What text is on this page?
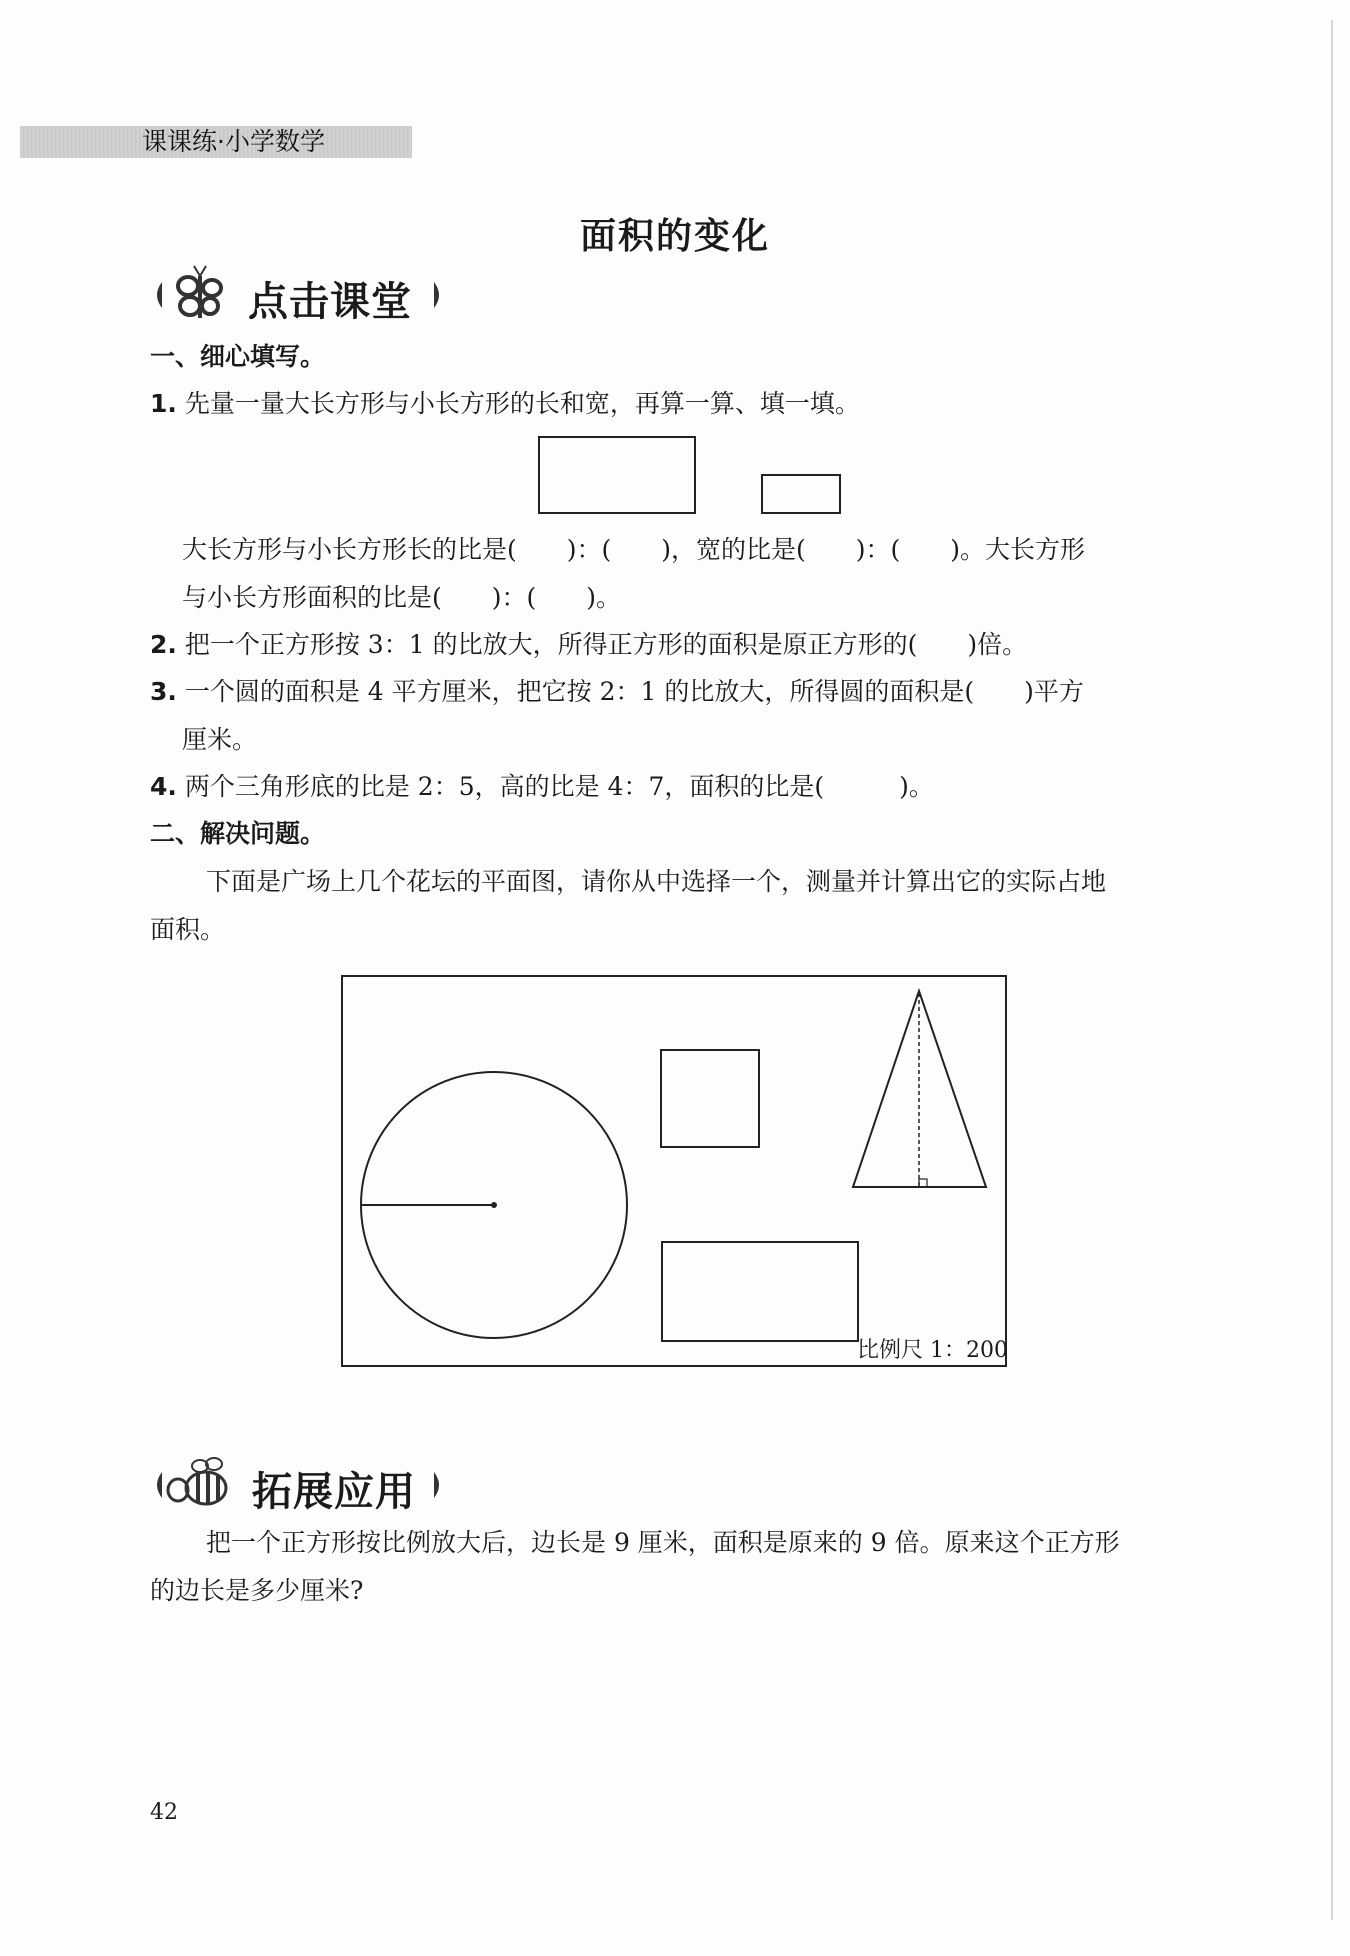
课课练·小学数学
面积的变化
点击课堂
一、细心填写。
1. 先量一量大长方形与小长方形的长和宽，再算一算、填一填。
大长方形与小长方形长的比是(　　)：(　　)，宽的比是(　　)：(　　)。大长方形
与小长方形面积的比是(　　)：(　　)。
2. 把一个正方形按 3：1 的比放大，所得正方形的面积是原正方形的(　　)倍。
3. 一个圆的面积是 4 平方厘米，把它按 2：1 的比放大，所得圆的面积是(　　)平方
厘米。
4. 两个三角形底的比是 2：5，高的比是 4：7，面积的比是(　　　)。
二、解决问题。
下面是广场上几个花坛的平面图，请你从中选择一个，测量并计算出它的实际占地
面积。
比例尺 1：200
拓展应用
把一个正方形按比例放大后，边长是 9 厘米，面积是原来的 9 倍。原来这个正方形
的边长是多少厘米?
42
